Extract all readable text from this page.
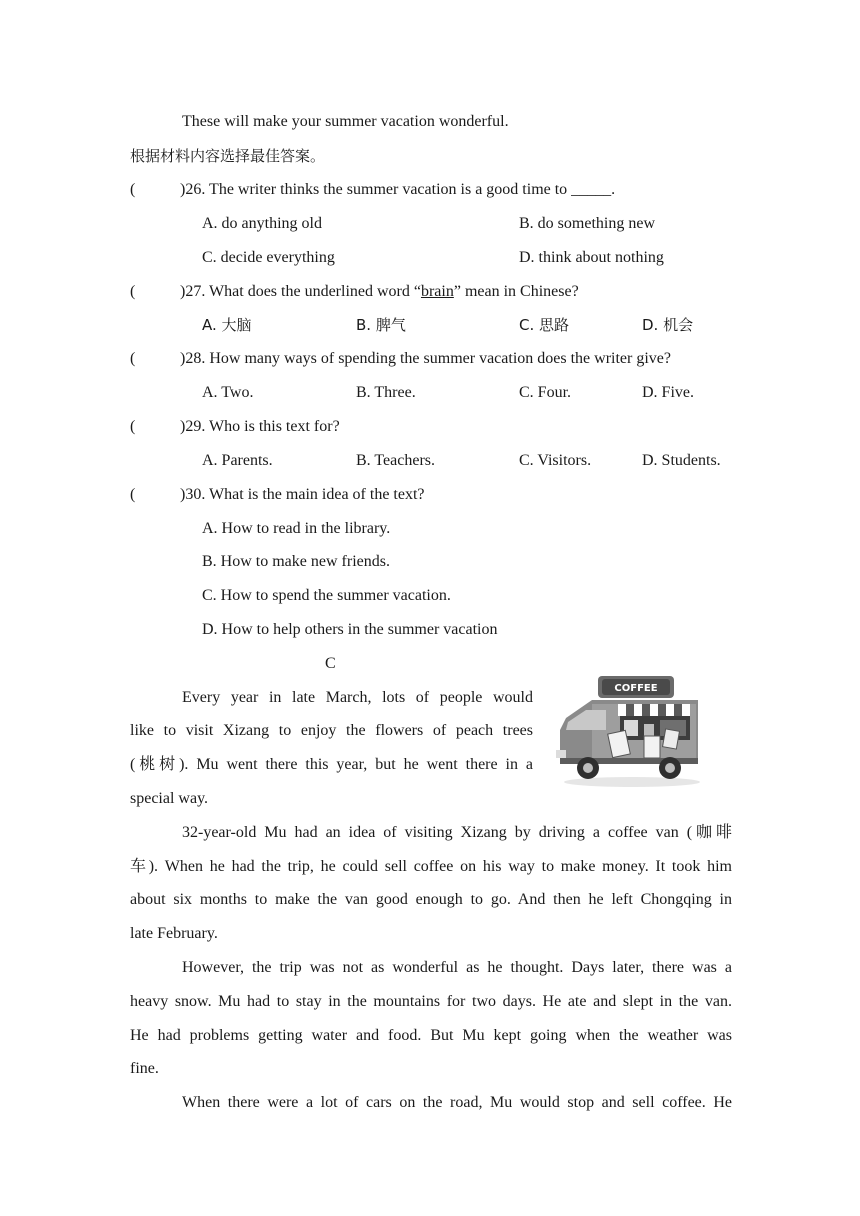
These will make your summer vacation wonderful.
根据材料内容选择最佳答案。
(	)26. The writer thinks the summer vacation is a good time to _____.
A. do anything old	B. do something new
C. decide everything	D. think about nothing
(	)27. What does the underlined word “brain” mean in Chinese?
A. 大脑	B. 脾气	C. 思路	D. 机会
(	)28. How many ways of spending the summer vacation does the writer give?
A. Two.	B. Three.	C. Four.	D. Five.
(	)29. Who is this text for?
A. Parents.	B. Teachers.	C. Visitors.	D. Students.
(	)30. What is the main idea of the text?
A. How to read in the library.
B. How to make new friends.
C. How to spend the summer vacation.
D. How to help others in the summer vacation
C
Every year in late March, lots of people would
like to visit Xizang to enjoy the flowers of peach trees
(桃树). Mu went there this year, but he went there in a
special way.
COFFEE
32-year-old Mu had an idea of visiting Xizang by driving a coffee van (咖啡
车). When he had the trip, he could sell coffee on his way to make money. It took him
about six months to make the van good enough to go. And then he left Chongqing in
late February.
However, the trip was not as wonderful as he thought. Days later, there was a
heavy snow. Mu had to stay in the mountains for two days. He ate and slept in the van.
He had problems getting water and food. But Mu kept going when the weather was
fine.
When there were a lot of cars on the road, Mu would stop and sell coffee. He
